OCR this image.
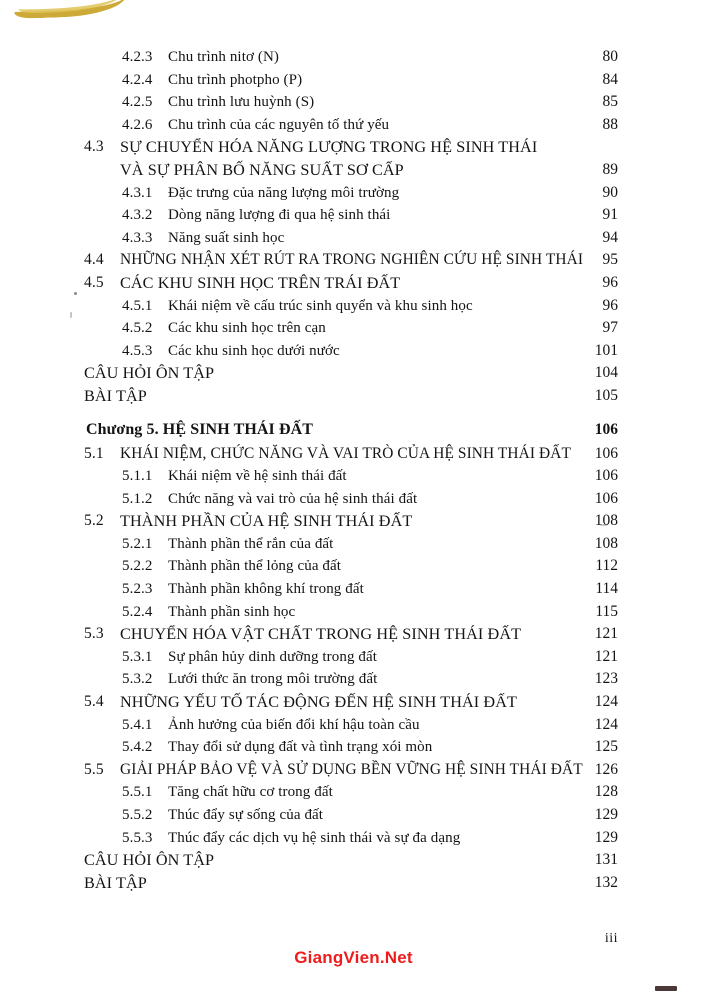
4.2.3 Chu trình nitơ (N)	80
4.2.4 Chu trình photpho (P)	84
4.2.5 Chu trình lưu huỳnh (S)	85
4.2.6 Chu trình của các nguyên tố thứ yếu	88
4.3 SỰ CHUYỂN HÓA NĂNG LƯỢNG TRONG HỆ SINH THÁI
VÀ SỰ PHÂN BỐ NĂNG SUẤT SƠ CẤP	89
4.3.1 Đặc trưng của năng lượng môi trường	90
4.3.2 Dòng năng lượng đi qua hệ sinh thái	91
4.3.3 Năng suất sinh học	94
4.4 NHỮNG NHẬN XÉT RÚT RA TRONG NGHIÊN CỨU HỆ SINH THÁI	95
4.5 CÁC KHU SINH HỌC TRÊN TRÁI ĐẤT	96
4.5.1 Khái niệm về cấu trúc sinh quyển và khu sinh học	96
4.5.2 Các khu sinh học trên cạn	97
4.5.3 Các khu sinh học dưới nước	101
CÂU HỎI ÔN TẬP	104
BÀI TẬP	105
Chương 5. HỆ SINH THÁI ĐẤT	106
5.1 KHÁI NIỆM, CHỨC NĂNG VÀ VAI TRÒ CỦA HỆ SINH THÁI ĐẤT	106
5.1.1 Khái niệm về hệ sinh thái đất	106
5.1.2 Chức năng và vai trò của hệ sinh thái đất	106
5.2 THÀNH PHẦN CỦA HỆ SINH THÁI ĐẤT	108
5.2.1 Thành phần thể rắn của đất	108
5.2.2 Thành phần thể lỏng của đất	112
5.2.3 Thành phần không khí trong đất	114
5.2.4 Thành phần sinh học	115
5.3 CHUYỂN HÓA VẬT CHẤT TRONG HỆ SINH THÁI ĐẤT	121
5.3.1 Sự phân hủy dinh dưỡng trong đất	121
5.3.2 Lưới thức ăn trong môi trường đất	123
5.4 NHỮNG YẾU TỐ TÁC ĐỘNG ĐẾN HỆ SINH THÁI ĐẤT	124
5.4.1 Ảnh hưởng của biến đổi khí hậu toàn cầu	124
5.4.2 Thay đổi sử dụng đất và tình trạng xói mòn	125
5.5 GIẢI PHÁP BẢO VỆ VÀ SỬ DỤNG BỀN VỮNG HỆ SINH THÁI ĐẤT 126
5.5.1 Tăng chất hữu cơ trong đất	128
5.5.2 Thúc đẩy sự sống của đất	129
5.5.3 Thúc đẩy các dịch vụ hệ sinh thái và sự đa dạng	129
CÂU HỎI ÔN TẬP	131
BÀI TẬP	132
iii
GiangVien.Net
